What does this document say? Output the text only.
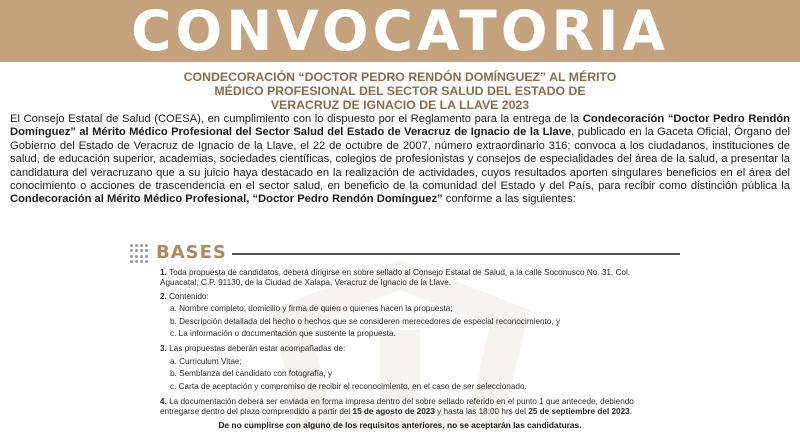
CONVOCATORIA
CONDECORACIÓN “DOCTOR PEDRO RENDÓN DOMÍNGUEZ” AL MÉRITO
MÉDICO PROFESIONAL DEL SECTOR SALUD DEL ESTADO DE
VERACRUZ DE IGNACIO DE LA LLAVE 2023

El Consejo Estatal de Salud (COESA), en cumplimiento con lo dispuesto por el Reglamento para la entrega de la Condecoración “Doctor Pedro Rendón Domínguez” al Mérito Médico Profesional del Sector Salud del Estado de Veracruz de Ignacio de la Llave, publicado en la Gaceta Oficial, Órgano del Gobierno del Estado de Veracruz de Ignacio de la Llave, el 22 de octubre de 2007, número extraordinario 316; convoca a los ciudadanos, instituciones de salud, de educación superior, academias, sociedades científicas, colegios de profesionistas y consejos de especialidades del área de la salud, a presentar la candidatura del veracruzano que a su juicio haya destacado en la realización de actividades, cuyos resultados aporten singulares beneficios en el área del conocimiento o acciones de trascendencia en el sector salud, en beneficio de la comunidad del Estado y del País, para recibir como distinción pública la Condecoración al Mérito Médico Profesional, “Doctor Pedro Rendón Domínguez” conforme a las siguientes:

BASES

1. Toda propuesta de candidatos, deberá dirigirse en sobre sellado al Consejo Estatal de Salud, a la calle Soconusco No. 31, Col. Aguacatal, C.P. 91130, de la Ciudad de Xalapa, Veracruz de Ignacio de la Llave.

2. Contenido:

a. Nombre completo, domicilio y firma de quien o quienes hacen la propuesta;

b. Descripción detallada del hecho o hechos que se consideren merecedores de especial reconocimiento, y

c. La información o documentación que sustente la propuesta.

3. Las propuestas deberán estar acompañadas de:

a. Curriculum Vitae;

b. Semblanza del candidato con fotografía, y

c. Carta de aceptación y compromiso de recibir el reconocimiento, en el caso de ser seleccionado.

4. La documentación deberá ser enviada en forma impresa dentro del sobre sellado referido en el punto 1 que antecede, debiendo entregarse dentro del plazo comprendido a partir del 15 de agosto de 2023 y hasta las 18:00 hrs del 25 de septiembre del 2023.

De no cumplirse con alguno de los requisitos anteriores, no se aceptarán las candidaturas.
